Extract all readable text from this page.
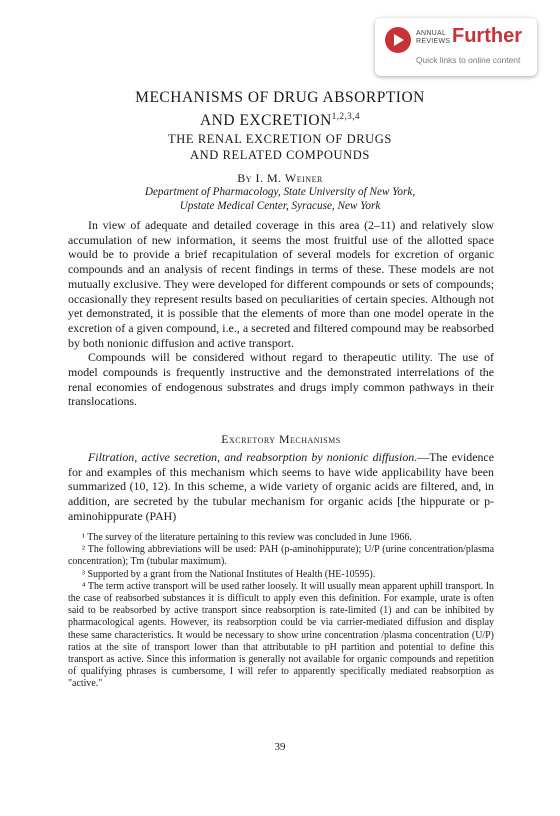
ANNUAL REVIEWS Further
Quick links to online content
MECHANISMS OF DRUG ABSORPTION
AND EXCRETION$^{1,2,3,4}$
THE RENAL EXCRETION OF DRUGS
AND RELATED COMPOUNDS
By I. M. Weiner
Department of Pharmacology, State University of New York,
Upstate Medical Center, Syracuse, New York

In view of adequate and detailed coverage in this area (2–11) and relatively slow accumulation of new information, it seems the most fruitful use of the allotted space would be to provide a brief recapitulation of several models for excretion of organic compounds and an analysis of recent findings in terms of these. These models are not mutually exclusive. They were developed for different compounds or sets of compounds; occasionally they represent results based on peculiarities of certain species. Although not yet demonstrated, it is possible that the elements of more than one model operate in the excretion of a given compound, i.e., a secreted and filtered compound may be reabsorbed by both nonionic diffusion and active transport.

Compounds will be considered without regard to therapeutic utility. The use of model compounds is frequently instructive and the demonstrated interrelations of the renal economies of endogenous substrates and drugs imply common pathways in their translocations.

Excretory Mechanisms

Filtration, active secretion, and reabsorption by nonionic diffusion.—The evidence for and examples of this mechanism which seems to have wide applicability have been summarized (10, 12). In this scheme, a wide variety of organic acids are filtered, and, in addition, are secreted by the tubular mechanism for organic acids [the hippurate or p-aminohippurate (PAH)

¹ The survey of the literature pertaining to this review was concluded in June 1966.

² The following abbreviations will be used: PAH (p-aminohippurate); U/P (urine concentration/plasma concentration); Tm (tubular maximum).

³ Supported by a grant from the National Institutes of Health (HE-10595).

⁴ The term active transport will be used rather loosely. It will usually mean apparent uphill transport. In the case of reabsorbed substances it is difficult to apply even this definition. For example, urate is often said to be reabsorbed by active transport since reabsorption is rate-limited (1) and can be inhibited by pharmacological agents. However, its reabsorption could be via carrier-mediated diffusion and display these same characteristics. It would be necessary to show urine concentration /plasma concentration (U/P) ratios at the site of transport lower than that attributable to pH partition and potential to define this transport as active. Since this information is generally not available for organic compounds and repetition of qualifying phrases is cumbersome, I will refer to apparently specifically mediated reabsorption as "active."

39
